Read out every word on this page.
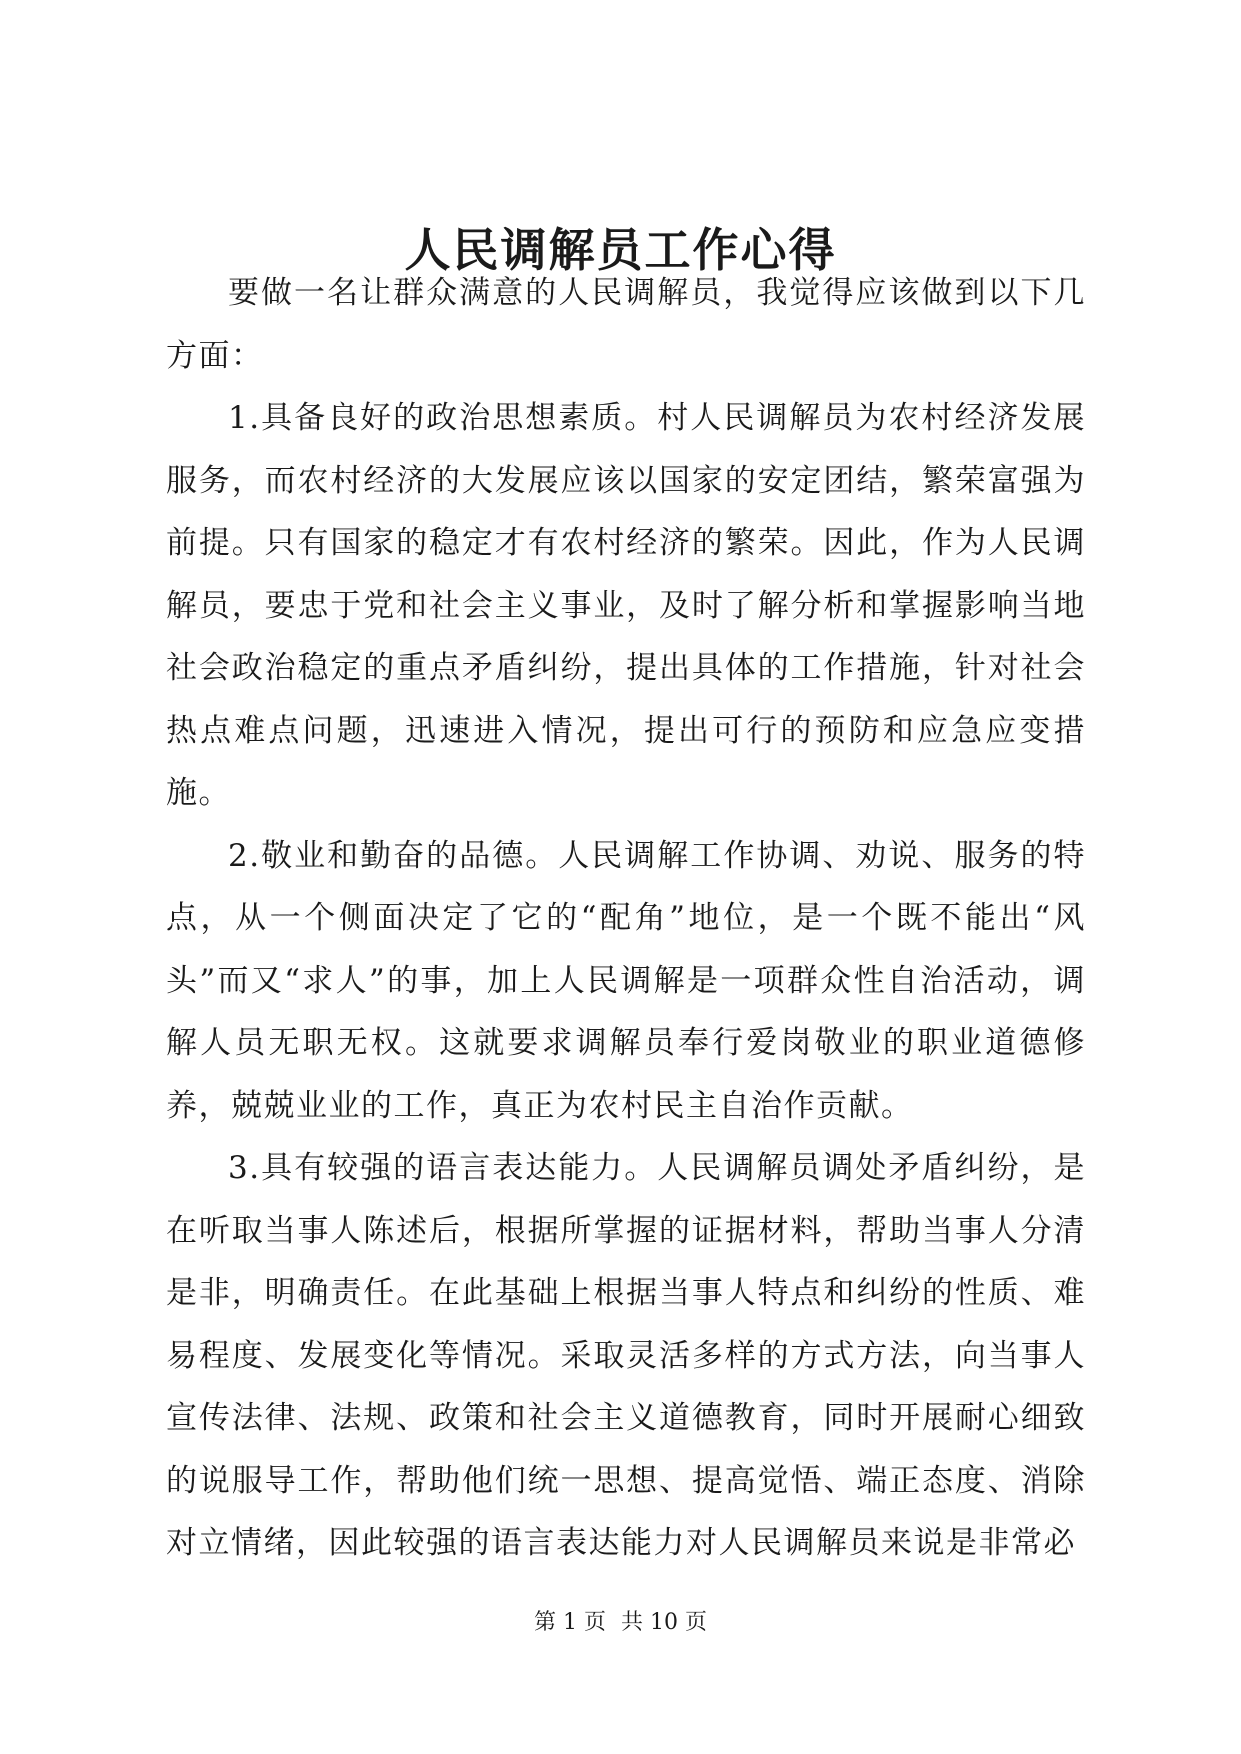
人民调解员工作心得

要做一名让群众满意的人民调解员，我觉得应该做到以下几方面：

1.具备良好的政治思想素质。村人民调解员为农村经济发展服务，而农村经济的大发展应该以国家的安定团结，繁荣富强为前提。只有国家的稳定才有农村经济的繁荣。因此，作为人民调解员，要忠于党和社会主义事业，及时了解分析和掌握影响当地社会政治稳定的重点矛盾纠纷，提出具体的工作措施，针对社会热点难点问题，迅速进入情况，提出可行的预防和应急应变措施。

2.敬业和勤奋的品德。人民调解工作协调、劝说、服务的特点，从一个侧面决定了它的“配角”地位，是一个既不能出“风头”而又“求人”的事，加上人民调解是一项群众性自治活动，调解人员无职无权。这就要求调解员奉行爱岗敬业的职业道德修养，兢兢业业的工作，真正为农村民主自治作贡献。

3.具有较强的语言表达能力。人民调解员调处矛盾纠纷，是在听取当事人陈述后，根据所掌握的证据材料，帮助当事人分清是非，明确责任。在此基础上根据当事人特点和纠纷的性质、难易程度、发展变化等情况。采取灵活多样的方式方法，向当事人宣传法律、法规、政策和社会主义道德教育，同时开展耐心细致的说服导工作，帮助他们统一思想、提高觉悟、端正态度、消除对立情绪，因此较强的语言表达能力对人民调解员来说是非常必

第 1 页 共 10 页
